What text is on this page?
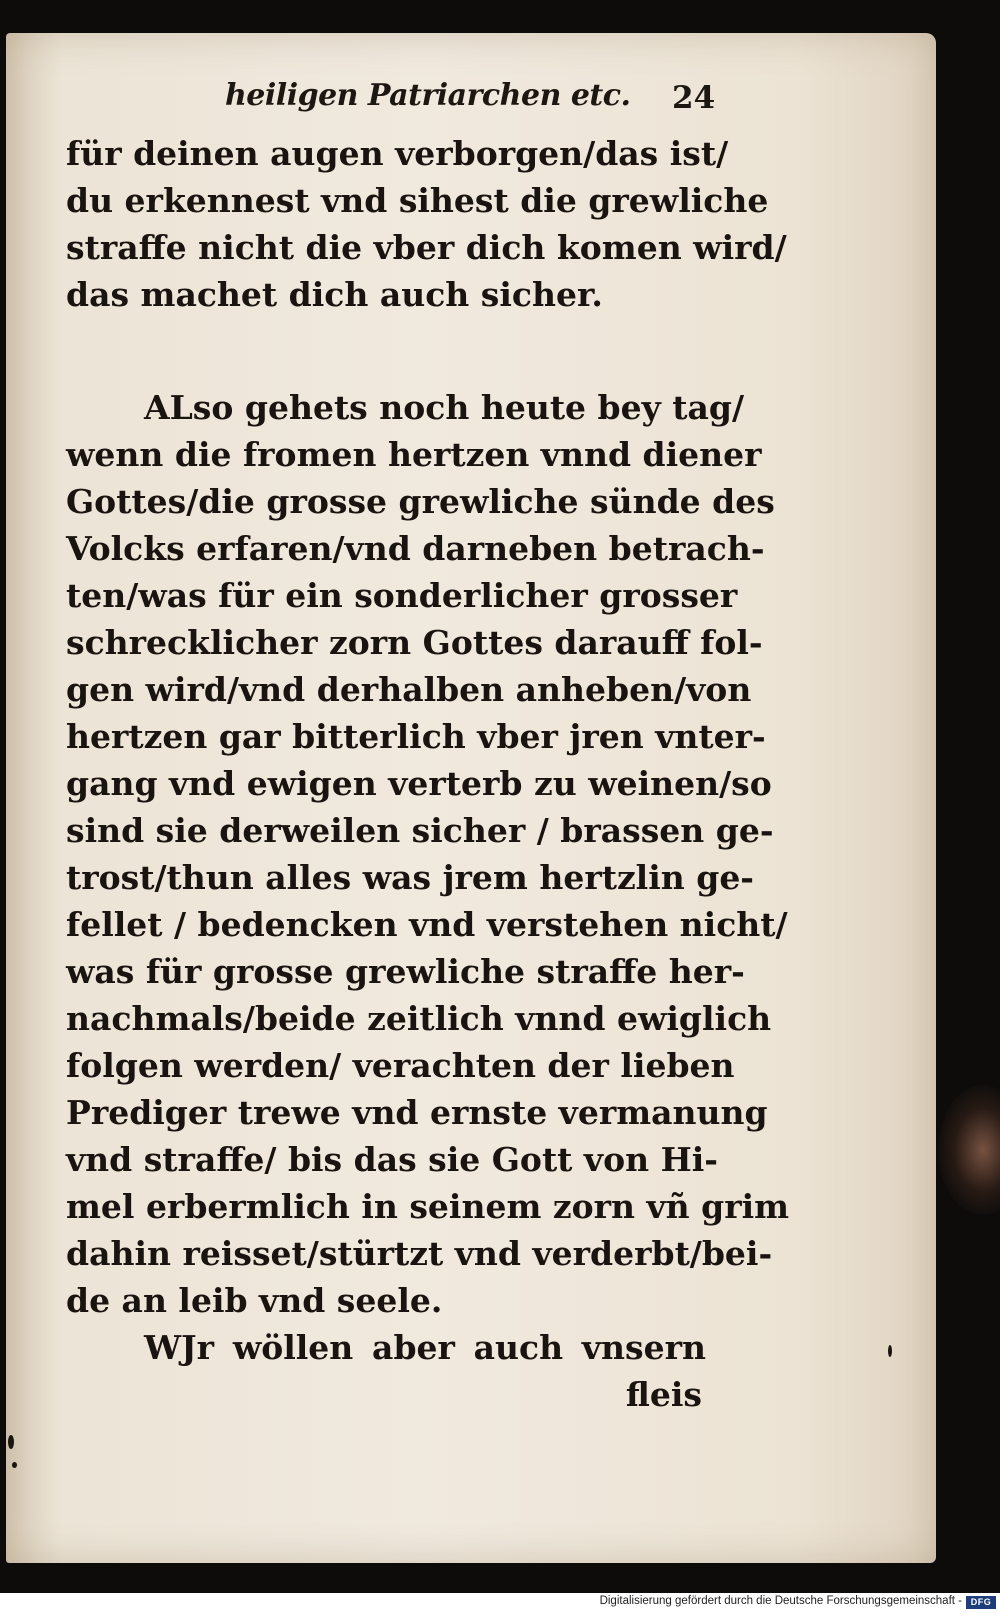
heiligen Patriarchen etc.	24
für deinen augen verborgen/das ist/
du erkennest vnd sihest die grewliche
straffe nicht die vber dich komen wird/
das machet dich auch sicher.
ALso gehets noch heute bey tag/
wenn die fromen hertzen vnnd diener
Gottes/die grosse grewliche sünde des
Volcks erfaren/vnd darneben betrach-
ten/was für ein sonderlicher grosser
schrecklicher zorn Gottes darauff fol-
gen wird/vnd derhalben anheben/von
hertzen gar bitterlich vber jren vnter-
gang vnd ewigen verterb zu weinen/so
sind sie derweilen sicher / brassen ge-
trost/thun alles was jrem hertzlin ge-
fellet / bedencken vnd verstehen nicht/
was für grosse grewliche straffe her-
nachmals/beide zeitlich vnnd ewiglich
folgen werden/ verachten der lieben
Prediger trewe vnd ernste vermanung
vnd straffe/ bis das sie Gott von Hi-
mel erbermlich in seinem zorn vñ grim
dahin reisset/stürtzt vnd verderbt/bei-
de an leib vnd seele.
WJr wöllen aber auch vnsern
fleis
Digitalisierung gefördert durch die Deutsche Forschungsgemeinschaft - DFG
